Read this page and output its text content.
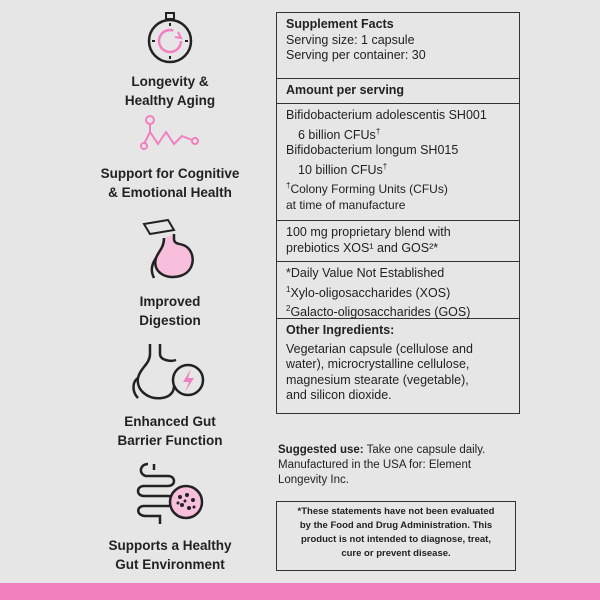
Longevity &
Healthy Aging
Support for Cognitive
& Emotional Health
Improved
Digestion
Enhanced Gut
Barrier Function
Supports a Healthy
Gut Environment
Supplement Facts
Serving size: 1 capsule
Serving per container: 30
Amount per serving
Bifidobacterium adolescentis SH001
6 billion CFUs†
Bifidobacterium longum SH015
10 billion CFUs†
†Colony Forming Units (CFUs)
at time of manufacture
100 mg proprietary blend with
prebiotics XOS¹ and GOS²*
*Daily Value Not Established
$^1$Xylo-oligosaccharides (XOS)
$^2$Galacto-oligosaccharides (GOS)
Other Ingredients:
Vegetarian capsule (cellulose and
water), microcrystalline cellulose,
magnesium stearate (vegetable),
and silicon dioxide.
Suggested use: Take one capsule daily.
Manufactured in the USA for: Element
Longevity Inc.
*These statements have not been evaluated
by the Food and Drug Administration. This
product is not intended to diagnose, treat,
cure or prevent disease.
